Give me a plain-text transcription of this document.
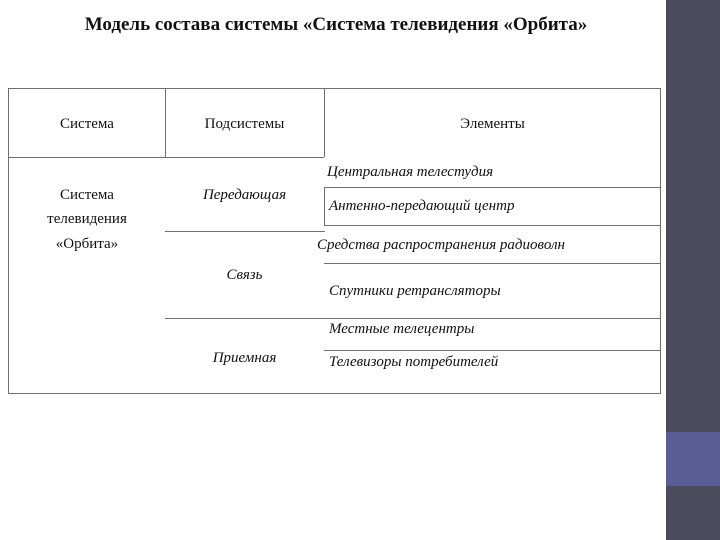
Модель состава системы «Система телевидения «Орбита»
Система	Подсистемы	Элементы
Система
телевидения
«Орбита»
Передающая
Связь
Приемная
Центральная телестудия
Антенно-передающий центр
Средства распространения радиоволн
Спутники ретрансляторы
Местные телецентры
Телевизоры потребителей
